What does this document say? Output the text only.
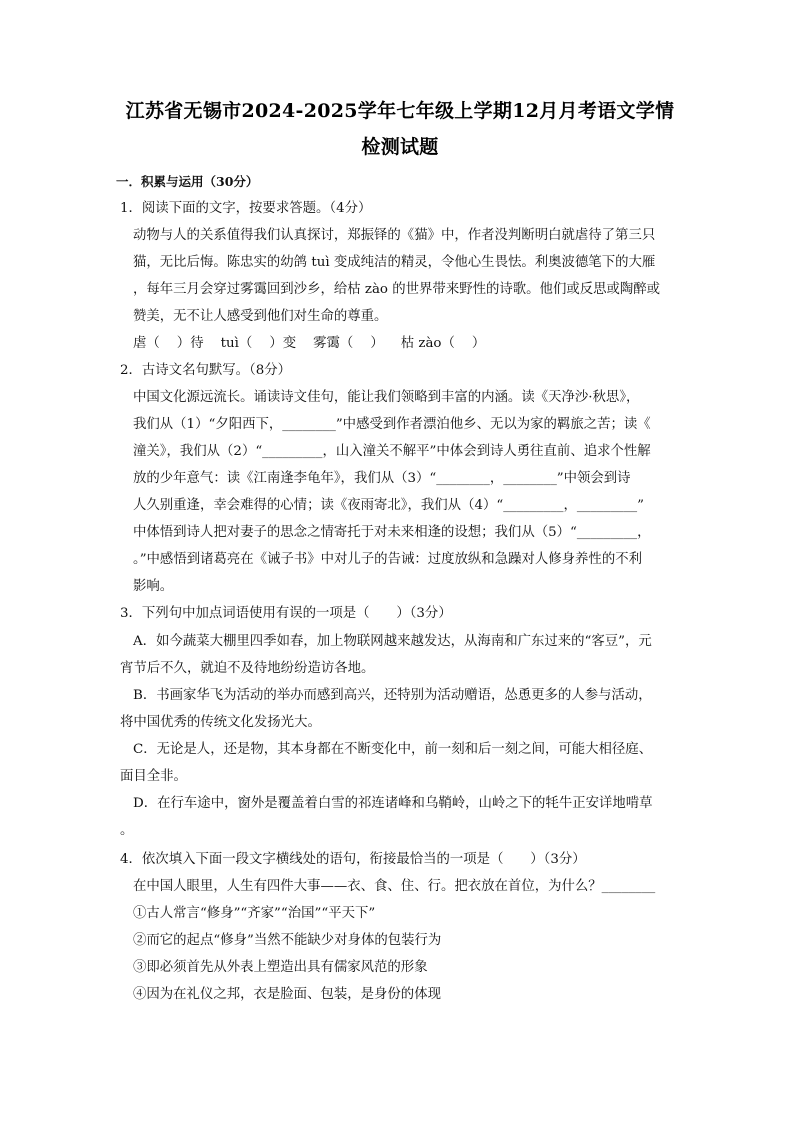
江苏省无锡市2024-2025学年七年级上学期12月月考语文学情
检测试题
一．积累与运用（30分）
1．阅读下面的文字，按要求答题。（4分）
动物与人的关系值得我们认真探讨，郑振铎的《猫》中，作者没判断明白就虐待了第三只
猫，无比后悔。陈忠实的幼鸽 tuì 变成纯洁的精灵，令他心生畏怯。利奥波德笔下的大雁
，每年三月会穿过雾霭回到沙乡，给枯 zào 的世界带来野性的诗歌。他们或反思或陶醉或
赞美，无不让人感受到他们对生命的尊重。
虐（    ）待    tuì（    ）变    雾霭（    ）    枯 zào（    ）
2．古诗文名句默写。（8分）
中国文化源远流长。诵读诗文佳句，能让我们领略到丰富的内涵。读《天净沙·秋思》，
我们从（1）“夕阳西下，________”中感受到作者漂泊他乡、无以为家的羁旅之苦；读《
潼关》，我们从（2）“_________，山入潼关不解平”中体会到诗人勇往直前、追求个性解
放的少年意气：读《江南逢李龟年》，我们从（3）“________，________”中领会到诗
人久别重逢，幸会难得的心情；读《夜雨寄北》，我们从（4）“_________，_________”
中体悟到诗人把对妻子的思念之情寄托于对未来相逢的设想；我们从（5）“_________，
。”中感悟到诸葛亮在《诫子书》中对儿子的告诫：过度放纵和急躁对人修身养性的不利
影响。
3．下列句中加点词语使用有误的一项是（　　）（3分）
A．如今蔬菜大棚里四季如春，加上物联网越来越发达，从海南和广东过来的“客豆”，元
宵节后不久，就迫不及待地纷纷造访各地。
B．书画家华飞为活动的举办而感到高兴，还特别为活动赠语，怂恿更多的人参与活动，
将中国优秀的传统文化发扬光大。
C．无论是人，还是物，其本身都在不断变化中，前一刻和后一刻之间，可能大相径庭、
面目全非。
D．在行车途中，窗外是覆盖着白雪的祁连诸峰和乌鞘岭，山岭之下的牦牛正安详地啃草
。
4．依次填入下面一段文字横线处的语句，衔接最恰当的一项是（　　）（3分）
在中国人眼里，人生有四件大事——衣、食、住、行。把衣放在首位，为什么？________
①古人常言“修身”“齐家”“治国”“平天下”
②而它的起点“修身”当然不能缺少对身体的包装行为
③即必须首先从外表上塑造出具有儒家风范的形象
④因为在礼仪之邦，衣是脸面、包装，是身份的体现
